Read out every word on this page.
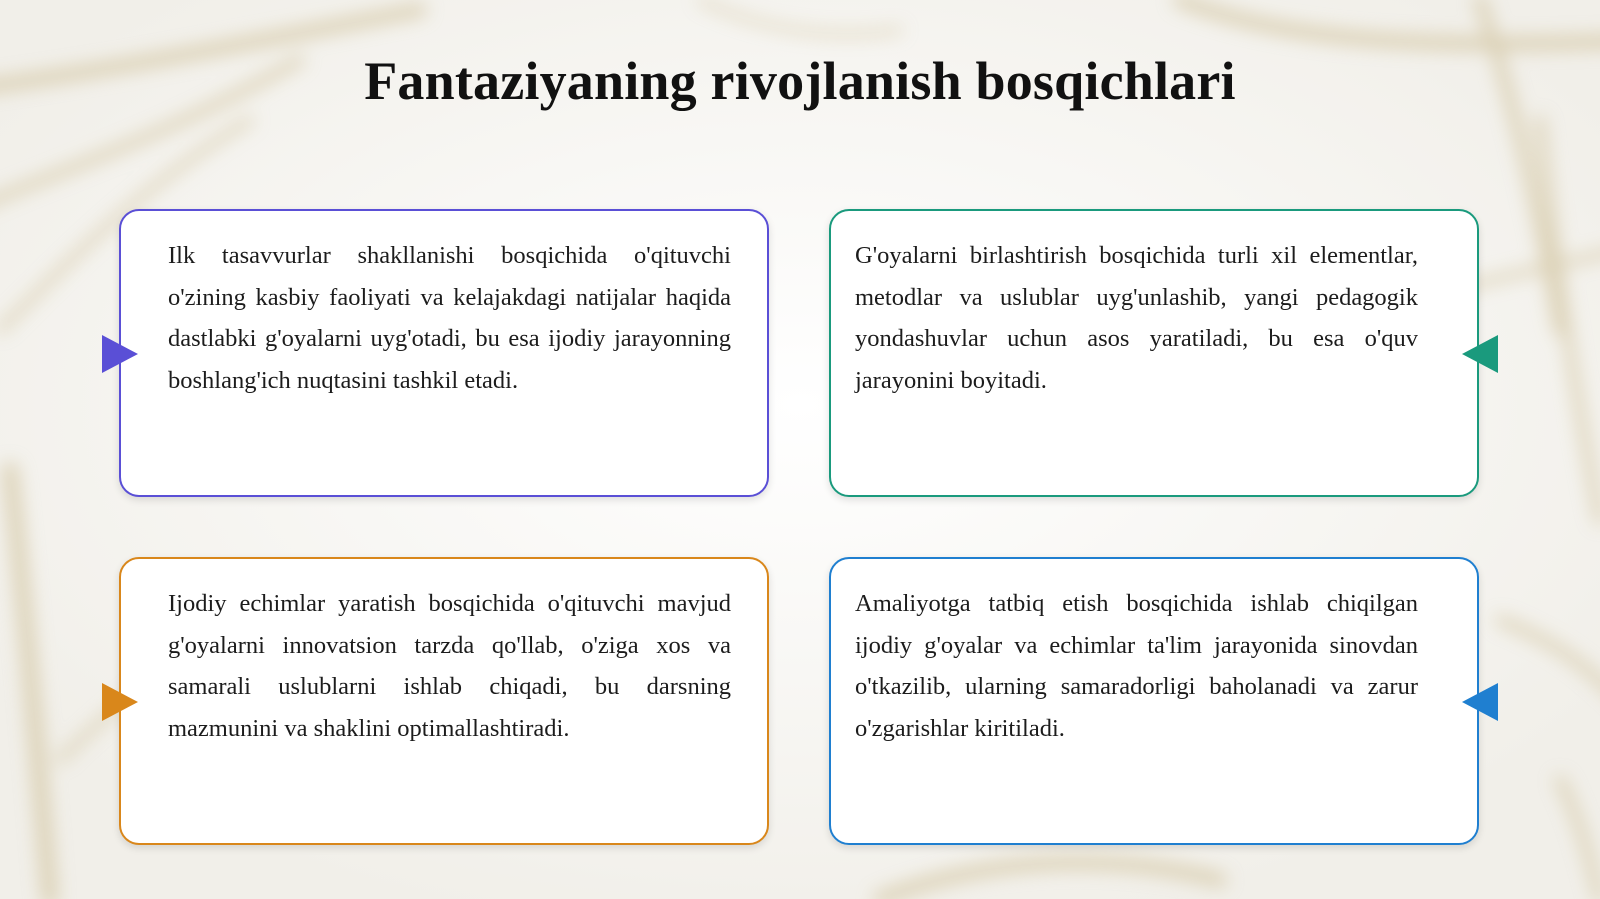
Fantaziyaning rivojlanish bosqichlari

Ilk tasavvurlar shakllanishi bosqichida o'qituvchi o'zining kasbiy faoliyati va kelajakdagi natijalar haqida dastlabki g'oyalarni uyg'otadi, bu esa ijodiy jarayonning boshlang'ich nuqtasini tashkil etadi.

G'oyalarni birlashtirish bosqichida turli xil elementlar, metodlar va uslublar uyg'unlashib, yangi pedagogik yondashuvlar uchun asos yaratiladi, bu esa o'quv jarayonini boyitadi.

Ijodiy echimlar yaratish bosqichida o'qituvchi mavjud g'oyalarni innovatsion tarzda qo'llab, o'ziga xos va samarali uslublarni ishlab chiqadi, bu darsning mazmunini va shaklini optimallashtiradi.

Amaliyotga tatbiq etish bosqichida ishlab chiqilgan ijodiy g'oyalar va echimlar ta'lim jarayonida sinovdan o'tkazilib, ularning samaradorligi baholanadi va zarur o'zgarishlar kiritiladi.
